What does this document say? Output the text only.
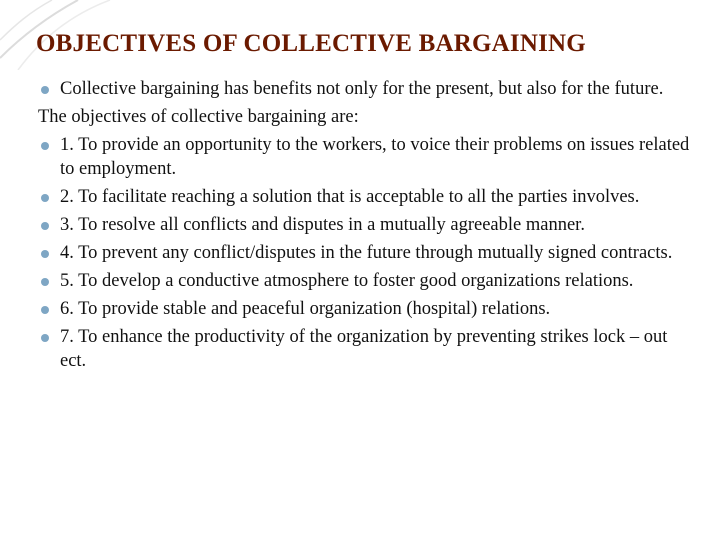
OBJECTIVES OF COLLECTIVE BARGAINING
Collective bargaining has benefits not only for the present, but also for the future.
The objectives of collective bargaining are:
1. To provide an opportunity to the workers, to voice their problems on issues related to employment.
2. To facilitate reaching a solution that is acceptable to all the parties involves.
3. To resolve all conflicts and disputes in a mutually agreeable manner.
4. To prevent any conflict/disputes in the future through mutually signed contracts.
5. To develop a conductive atmosphere to foster good organizations relations.
6. To provide stable and peaceful organization (hospital) relations.
7. To enhance the productivity of the organization by preventing strikes lock – out ect.
